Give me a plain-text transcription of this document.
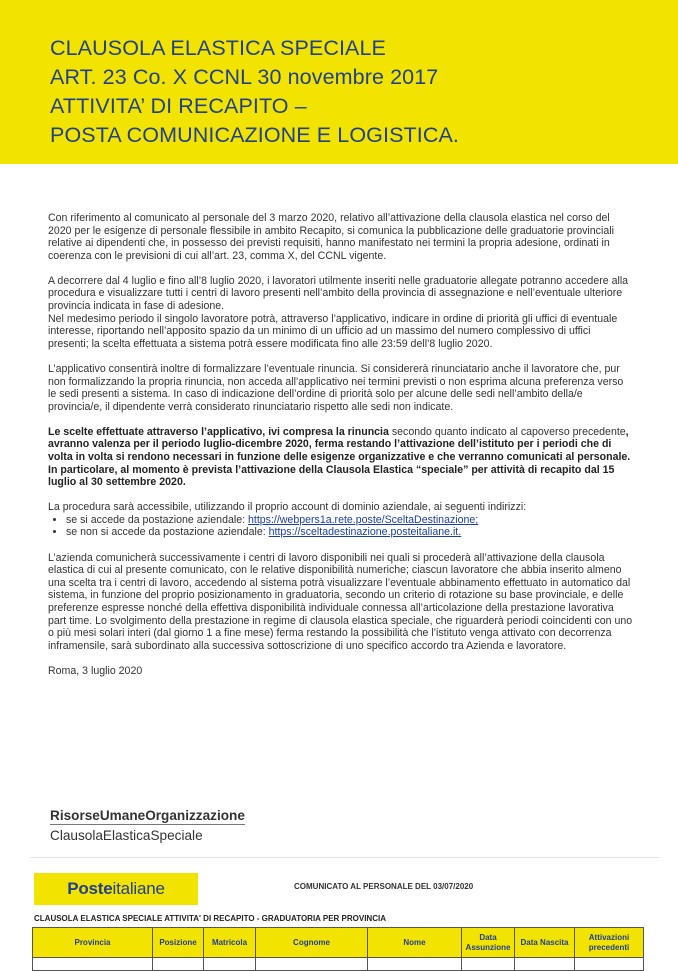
CLAUSOLA ELASTICA SPECIALE
ART. 23 Co. X CCNL 30 novembre 2017
ATTIVITA’ DI RECAPITO –
POSTA COMUNICAZIONE E LOGISTICA.

Con riferimento al comunicato al personale del 3 marzo 2020, relativo all’attivazione della clausola elastica nel corso del 2020 per le esigenze di personale flessibile in ambito Recapito, si comunica la pubblicazione delle graduatorie provinciali relative ai dipendenti che, in possesso dei previsti requisiti, hanno manifestato nei termini la propria adesione, ordinati in coerenza con le previsioni di cui all’art. 23, comma X, del CCNL vigente.

A decorrere dal 4 luglio e fino all’8 luglio 2020, i lavoratori utilmente inseriti nelle graduatorie allegate potranno accedere alla procedura e visualizzare tutti i centri di lavoro presenti nell’ambito della provincia di assegnazione e nell’eventuale ulteriore provincia indicata in fase di adesione.

Nel medesimo periodo il singolo lavoratore potrà, attraverso l’applicativo, indicare in ordine di priorità gli uffici di eventuale interesse, riportando nell’apposito spazio da un minimo di un ufficio ad un massimo del numero complessivo di uffici presenti; la scelta effettuata a sistema potrà essere modificata fino alle 23:59 dell’8 luglio 2020.

L’applicativo consentirà inoltre di formalizzare l’eventuale rinuncia. Si considererà rinunciatario anche il lavoratore che, pur non formalizzando la propria rinuncia, non acceda all’applicativo nei termini previsti o non esprima alcuna preferenza verso le sedi presenti a sistema. In caso di indicazione dell’ordine di priorità solo per alcune delle sedi nell’ambito della/e provincia/e, il dipendente verrà considerato rinunciatario rispetto alle sedi non indicate.

Le scelte effettuate attraverso l’applicativo, ivi compresa la rinuncia secondo quanto indicato al capoverso precedente, avranno valenza per il periodo luglio-dicembre 2020, ferma restando l’attivazione dell’istituto per i periodi che di volta in volta si rendono necessari in funzione delle esigenze organizzative e che verranno comunicati al personale.

In particolare, al momento è prevista l’attivazione della Clausola Elastica “speciale” per attività di recapito dal 15 luglio al 30 settembre 2020.

La procedura sarà accessibile, utilizzando il proprio account di dominio aziendale, ai seguenti indirizzi:

• se si accede da postazione aziendale: https://webpers1a.rete.poste/SceltaDestinazione;
• se non si accede da postazione aziendale: https://sceltadestinazione.posteitaliane.it.

L’azienda comunicherà successivamente i centri di lavoro disponibili nei quali si procederà all’attivazione della clausola elastica di cui al presente comunicato, con le relative disponibilità numeriche; ciascun lavoratore che abbia inserito almeno una scelta tra i centri di lavoro, accedendo al sistema potrà visualizzare l’eventuale abbinamento effettuato in automatico dal sistema, in funzione del proprio posizionamento in graduatoria, secondo un criterio di rotazione su base provinciale, e delle preferenze espresse nonché della effettiva disponibilità individuale connessa all’articolazione della prestazione lavorativa part time. Lo svolgimento della prestazione in regime di clausola elastica speciale, che riguarderà periodi coincidenti con uno o più mesi solari interi (dal giorno 1 a fine mese) ferma restando la possibilità che l’istituto venga attivato con decorrenza inframensile, sarà subordinato alla successiva sottoscrizione di uno specifico accordo tra Azienda e lavoratore.

Roma, 3 luglio 2020

RisorseUmaneOrganizzazione
ClausolaElasticaSpeciale
Poste italiane	COMUNICATO AL PERSONALE DEL 03/07/2020
CLAUSOLA ELASTICA SPECIALE ATTIVITA' DI RECAPITO - GRADUATORIA PER PROVINCIA
Provincia	Posizione	Matricola	Cognome	Nome	Data Assunzione	Data Nascita	Attivazioni precedenti
